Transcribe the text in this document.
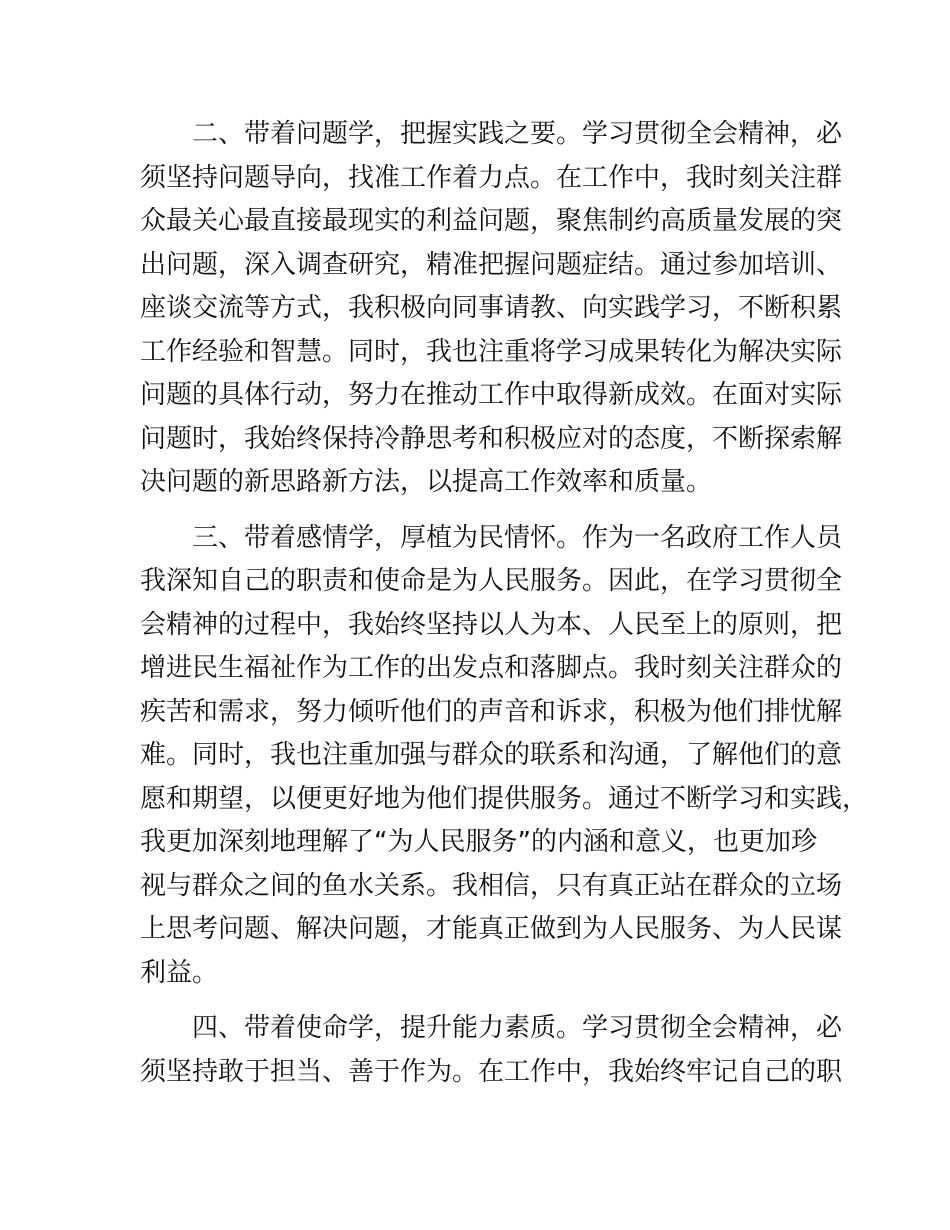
二、带着问题学，把握实践之要。学习贯彻全会精神，必
须坚持问题导向，找准工作着力点。在工作中，我时刻关注群
众最关心最直接最现实的利益问题，聚焦制约高质量发展的突
出问题，深入调查研究，精准把握问题症结。通过参加培训、
座谈交流等方式，我积极向同事请教、向实践学习，不断积累
工作经验和智慧。同时，我也注重将学习成果转化为解决实际
问题的具体行动，努力在推动工作中取得新成效。在面对实际
问题时，我始终保持冷静思考和积极应对的态度，不断探索解
决问题的新思路新方法，以提高工作效率和质量。
三、带着感情学，厚植为民情怀。作为一名政府工作人员
我深知自己的职责和使命是为人民服务。因此，在学习贯彻全
会精神的过程中，我始终坚持以人为本、人民至上的原则，把
增进民生福祉作为工作的出发点和落脚点。我时刻关注群众的
疾苦和需求，努力倾听他们的声音和诉求，积极为他们排忧解
难。同时，我也注重加强与群众的联系和沟通，了解他们的意
愿和期望，以便更好地为他们提供服务。通过不断学习和实践，
我更加深刻地理解了“为人民服务”的内涵和意义，也更加珍
视与群众之间的鱼水关系。我相信，只有真正站在群众的立场
上思考问题、解决问题，才能真正做到为人民服务、为人民谋
利益。
四、带着使命学，提升能力素质。学习贯彻全会精神，必
须坚持敢于担当、善于作为。在工作中，我始终牢记自己的职
